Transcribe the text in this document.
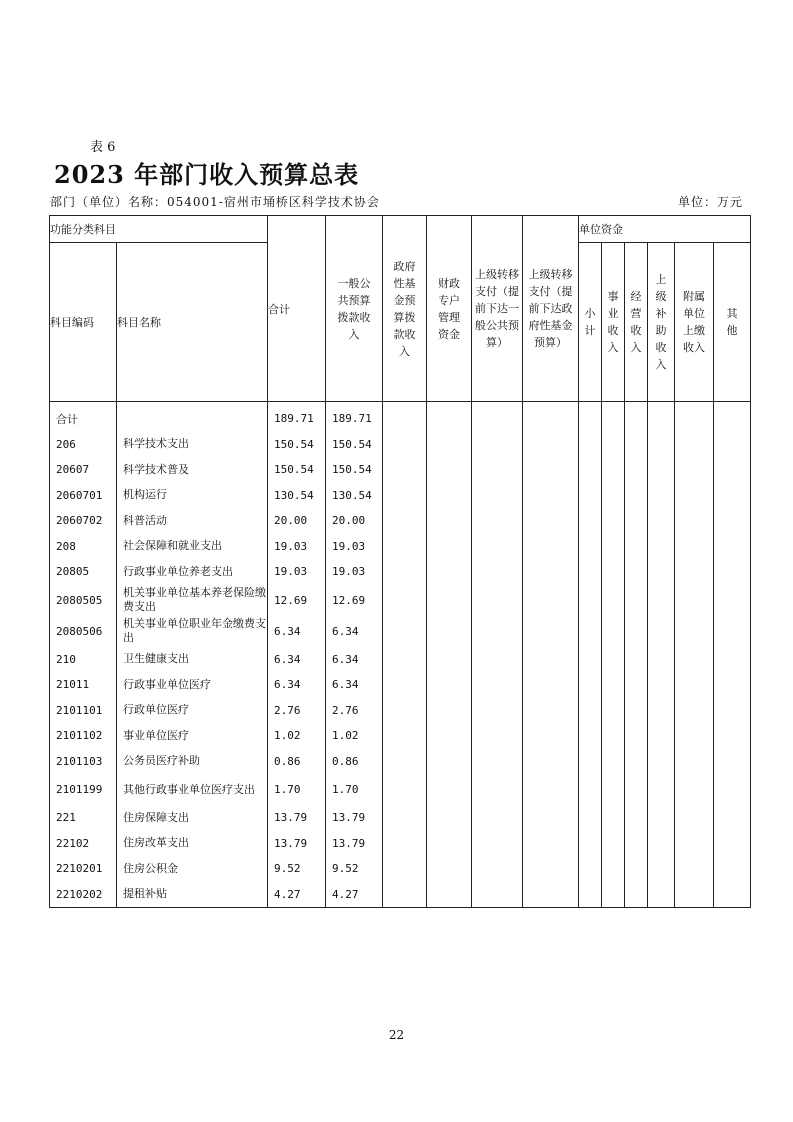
表 6
2023 年部门收入预算总表
部门（单位）名称：054001-宿州市埇桥区科学技术协会	单位：万元
功能分类科目		合计	一般公共预算拨款收入	政府性基金预算拨款收入	财政专户管理资金	上级转移支付（提前下达一般公共预算）	上级转移支付（提前下达政府性基金预算）	单位资金					
科目编码	科目名称							小计	事业收入	经营收入	上级补助收入	附属单位上缴收入	其他

合计		189.71	189.71										
206	科学技术支出	150.54	150.54										
20607	科学技术普及	150.54	150.54										
2060701	机构运行	130.54	130.54										
2060702	科普活动	20.00	20.00										
208	社会保障和就业支出	19.03	19.03										
20805	行政事业单位养老支出	19.03	19.03										
2080505	机关事业单位基本养老保险缴费支出	12.69	12.69										
2080506	机关事业单位职业年金缴费支出	6.34	6.34										
210	卫生健康支出	6.34	6.34										
21011	行政事业单位医疗	6.34	6.34										
2101101	行政单位医疗	2.76	2.76										
2101102	事业单位医疗	1.02	1.02										
2101103	公务员医疗补助	0.86	0.86										
2101199	其他行政事业单位医疗支出	1.70	1.70										
221	住房保障支出	13.79	13.79										
22102	住房改革支出	13.79	13.79										
2210201	住房公积金	9.52	9.52										
2210202	提租补贴	4.27	4.27										
22
